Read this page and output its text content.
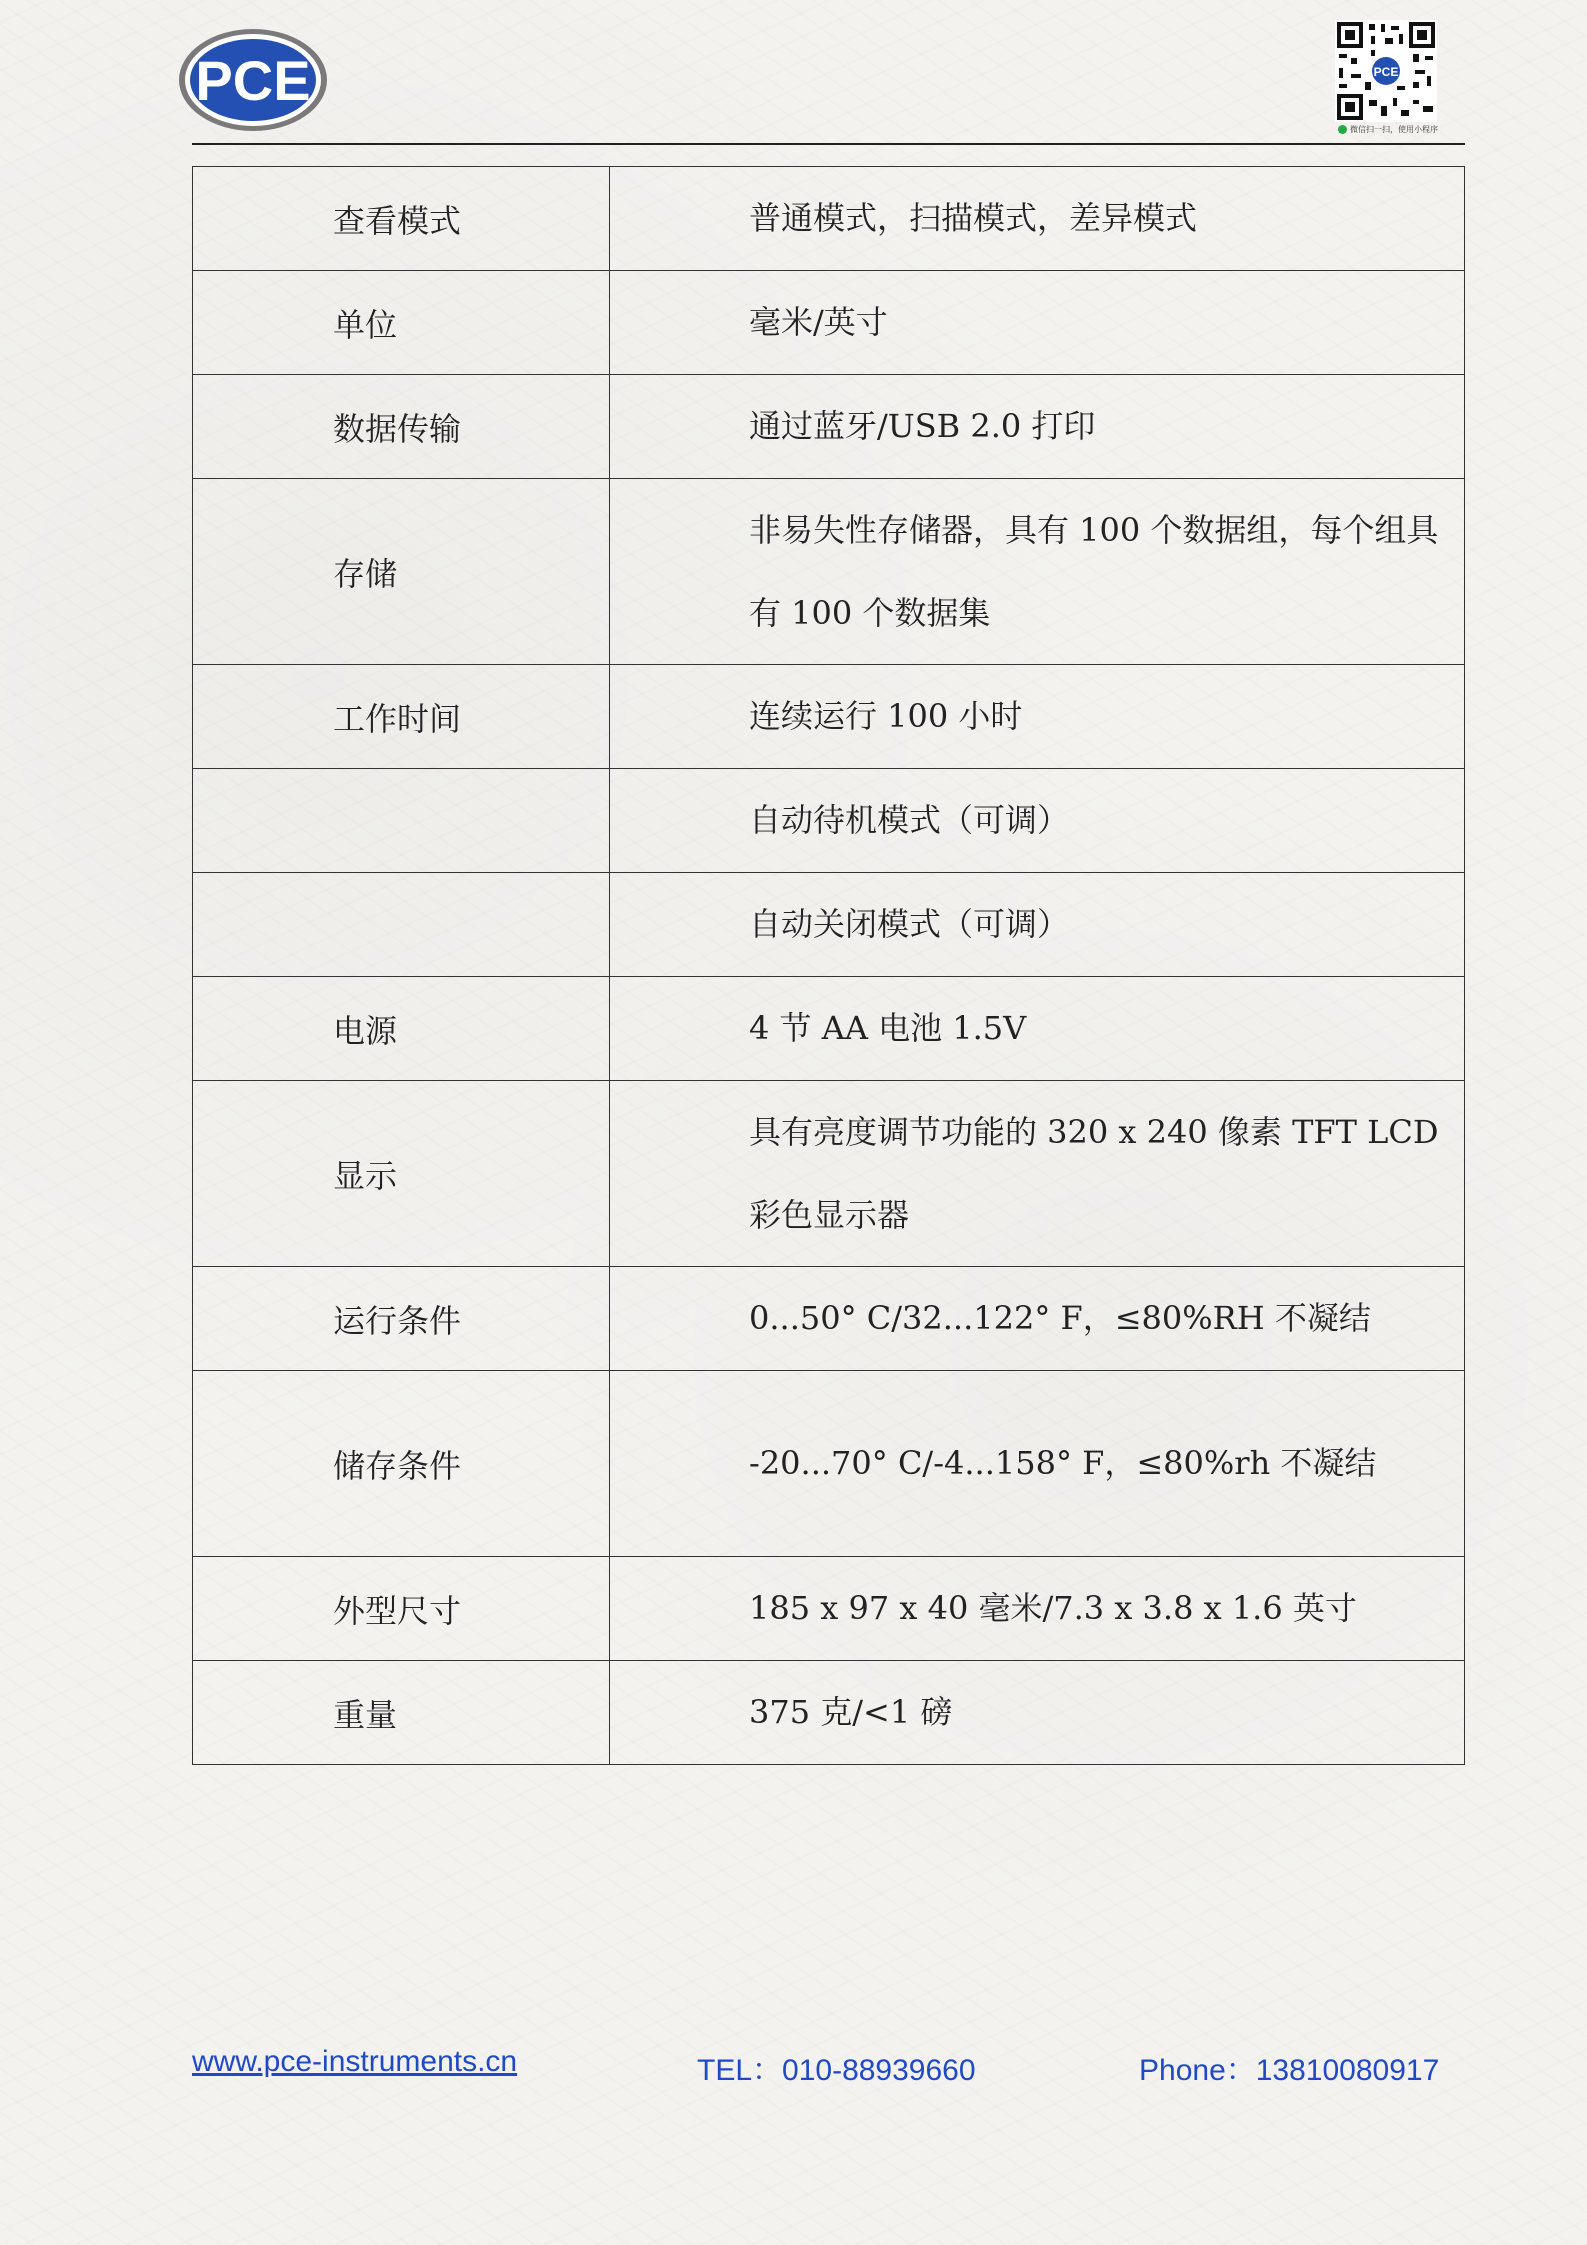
PCE	PCE
微信扫一扫，使用小程序
查看模式	普通模式，扫描模式，差异模式
单位	毫米/英寸
数据传输	通过蓝牙/USB 2.0 打印
存储	非易失性存储器，具有 100 个数据组，每个组具有 100 个数据集
工作时间	连续运行 100 小时
	自动待机模式（可调）
	自动关闭模式（可调）
电源	4 节 AA 电池 1.5V
显示	具有亮度调节功能的 320 x 240 像素 TFT LCD 彩色显示器
运行条件	0...50° C/32...122° F，≤80%RH 不凝结
储存条件	-20...70° C/-4...158° F，≤80%rh 不凝结
外型尺寸	185 x 97 x 40 毫米/7.3 x 3.8 x 1.6 英寸
重量	375 克/<1 磅
www.pce-instruments.cn	TEL：010-88939660	Phone：13810080917
